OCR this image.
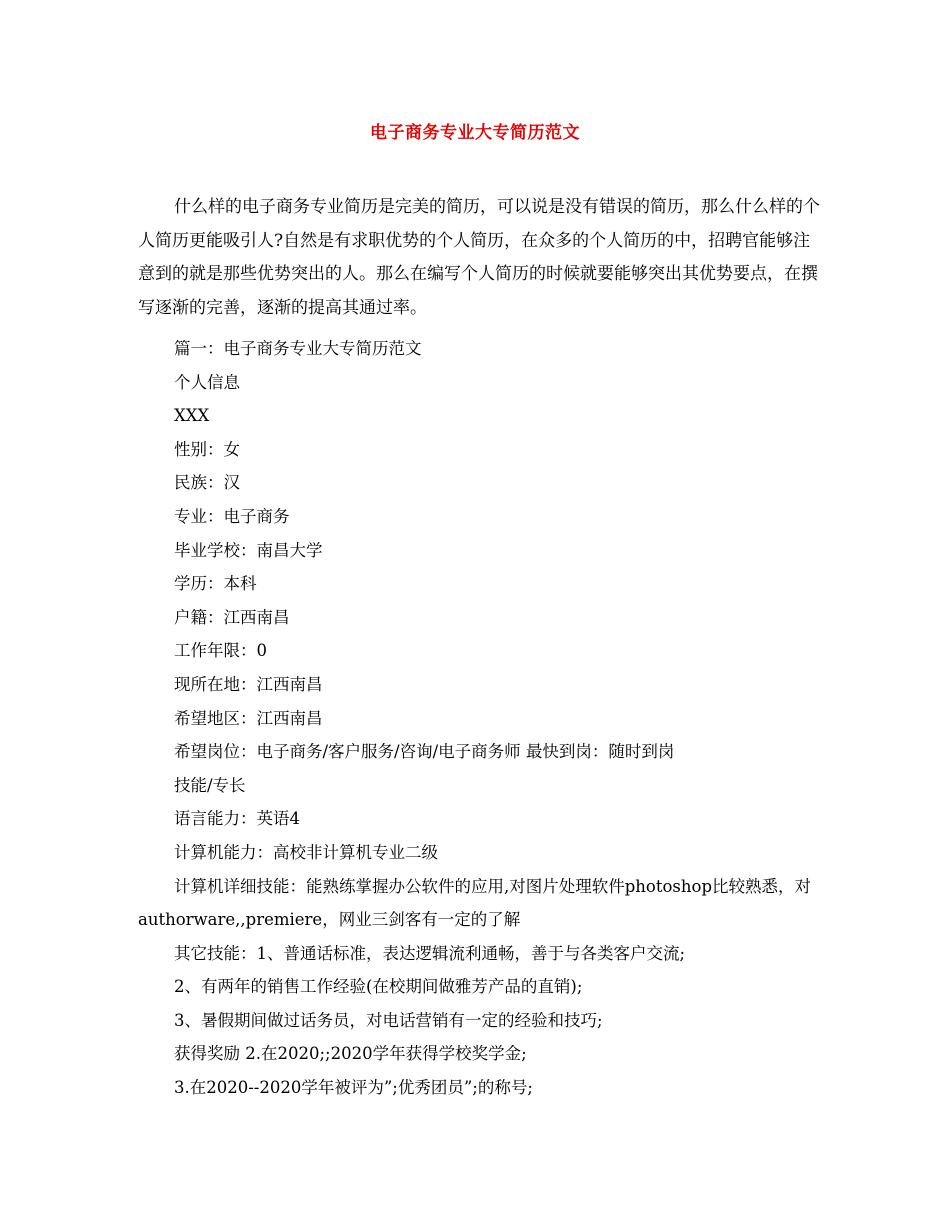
电子商务专业大专简历范文

什么样的电子商务专业简历是完美的简历，可以说是没有错误的简历，那么什么样的个人简历更能吸引人?自然是有求职优势的个人简历，在众多的个人简历的中，招聘官能够注意到的就是那些优势突出的人。那么在编写个人简历的时候就要能够突出其优势要点，在撰写逐渐的完善，逐渐的提高其通过率。

篇一：电子商务专业大专简历范文

个人信息

XXX

性别：女

民族：汉

专业：电子商务

毕业学校：南昌大学

学历：本科

户籍：江西南昌

工作年限：0

现所在地：江西南昌

希望地区：江西南昌

希望岗位：电子商务/客户服务/咨询/电子商务师 最快到岗：随时到岗

技能/专长

语言能力：英语4

计算机能力：高校非计算机专业二级

计算机详细技能：能熟练掌握办公软件的应用,对图片处理软件photoshop比较熟悉，对authorware,,premiere，网业三剑客有一定的了解

其它技能：1、普通话标准，表达逻辑流利通畅，善于与各类客户交流;

2、有两年的销售工作经验(在校期间做雅芳产品的直销);

3、暑假期间做过话务员，对电话营销有一定的经验和技巧;

获得奖励 2.在2020;;2020学年获得学校奖学金;

3.在2020--2020学年被评为”;优秀团员”;的称号;
